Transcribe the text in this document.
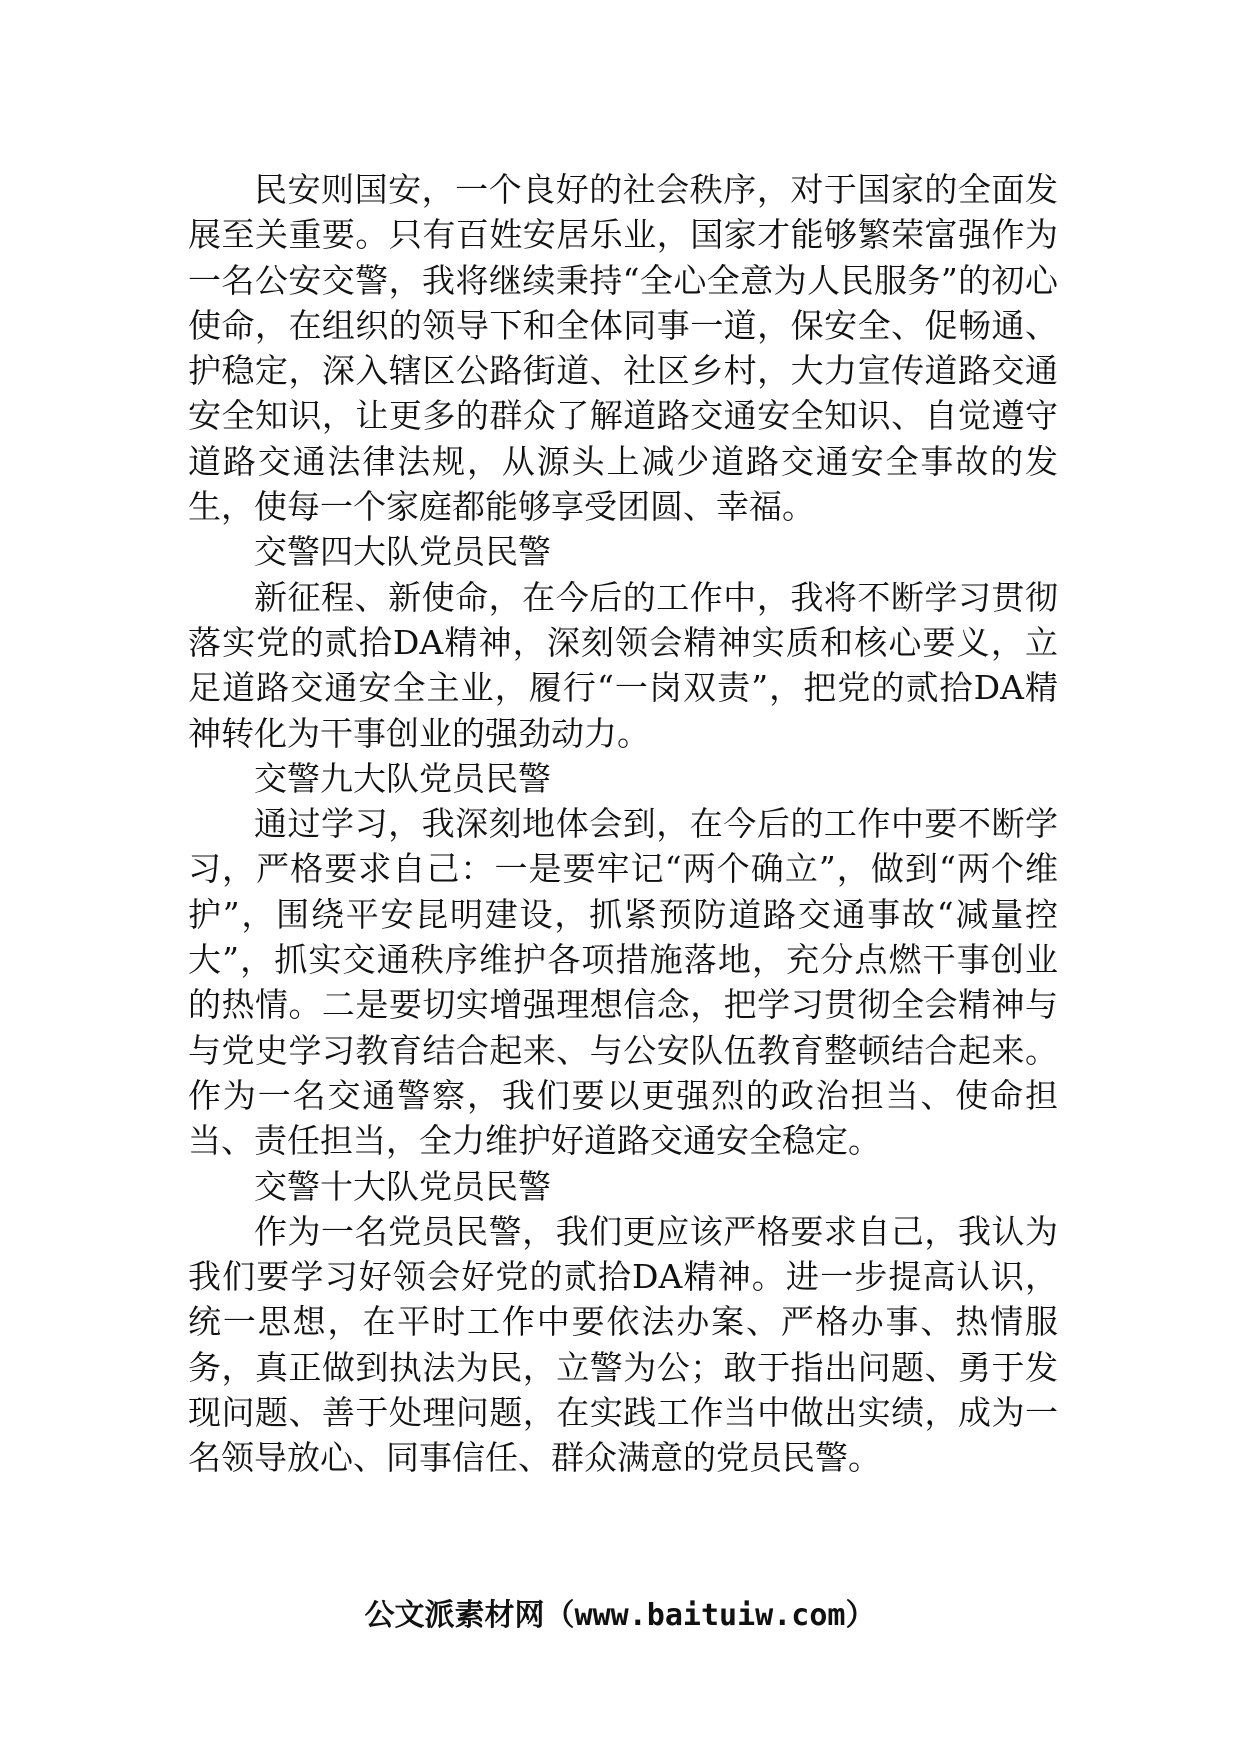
民安则国安，一个良好的社会秩序，对于国家的全面发展至关重要。只有百姓安居乐业，国家才能够繁荣富强作为一名公安交警，我将继续秉持“全心全意为人民服务”的初心使命，在组织的领导下和全体同事一道，保安全、促畅通、护稳定，深入辖区公路街道、社区乡村，大力宣传道路交通安全知识，让更多的群众了解道路交通安全知识、自觉遵守道路交通法律法规，从源头上减少道路交通安全事故的发生，使每一个家庭都能够享受团圆、幸福。

交警四大队党员民警

新征程、新使命，在今后的工作中，我将不断学习贯彻落实党的贰拾DA精神，深刻领会精神实质和核心要义，立足道路交通安全主业，履行“一岗双责”，把党的贰拾DA精神转化为干事创业的强劲动力。

交警九大队党员民警

通过学习，我深刻地体会到，在今后的工作中要不断学习，严格要求自己：一是要牢记“两个确立”，做到“两个维护”，围绕平安昆明建设，抓紧预防道路交通事故“减量控大”，抓实交通秩序维护各项措施落地，充分点燃干事创业的热情。二是要切实增强理想信念，把学习贯彻全会精神与与党史学习教育结合起来、与公安队伍教育整顿结合起来。作为一名交通警察，我们要以更强烈的政治担当、使命担当、责任担当，全力维护好道路交通安全稳定。

交警十大队党员民警

作为一名党员民警，我们更应该严格要求自己，我认为我们要学习好领会好党的贰拾DA精神。进一步提高认识，统一思想，在平时工作中要依法办案、严格办事、热情服务，真正做到执法为民，立警为公；敢于指出问题、勇于发现问题、善于处理问题，在实践工作当中做出实绩，成为一名领导放心、同事信任、群众满意的党员民警。

公文派素材网（www.baituiw.com）
